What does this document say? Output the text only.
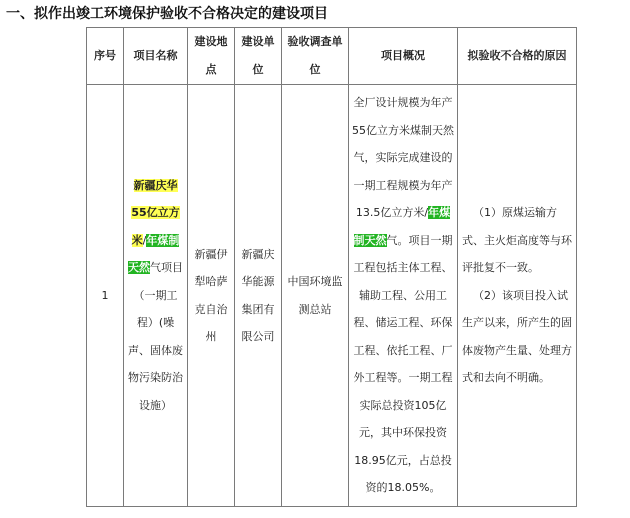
一、拟作出竣工环境保护验收不合格决定的建设项目
序号	项目名称	建设地点	建设单位	验收调查单位	项目概况	拟验收不合格的原因
1	新疆庆华55亿立方米/年煤制天然气项目（一期工程）(噪声、固体废物污染防治设施）	新疆伊犁哈萨克自治州	新疆庆华能源集团有限公司	中国环境监测总站	全厂设计规模为年产55亿立方米煤制天然气，实际完成建设的一期工程规模为年产13.5亿立方米/年煤制天然气。项目一期工程包括主体工程、辅助工程、公用工程、储运工程、环保工程、依托工程、厂外工程等。一期工程实际总投资105亿元，其中环保投资18.95亿元，占总投资的18.05%。	（1）原煤运输方式、主火炬高度等与环评批复不一致。

（2）该项目投入试生产以来，所产生的固体废物产生量、处理方式和去向不明确。
